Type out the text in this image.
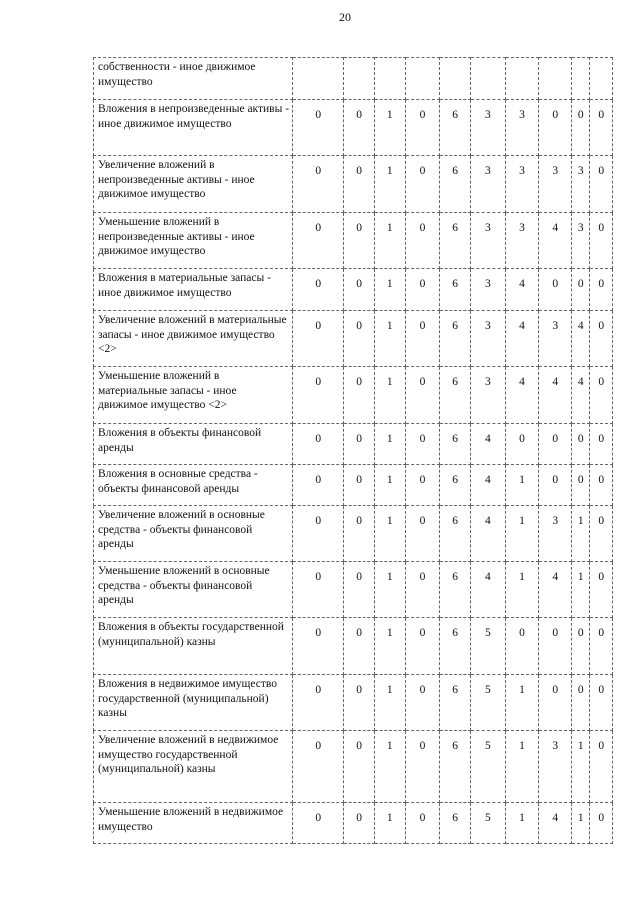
20
собственности - иное движимое имущество										
Вложения в непроизведенные активы - иное движимое имущество	0	0	1	0	6	3	3	0	0	0
Увеличение вложений в непроизведенные активы - иное движимое имущество	0	0	1	0	6	3	3	3	3	0
Уменьшение вложений в непроизведенные активы - иное движимое имущество	0	0	1	0	6	3	3	4	3	0
Вложения в материальные запасы - иное движимое имущество	0	0	1	0	6	3	4	0	0	0
Увеличение вложений в материальные запасы - иное движимое имущество <2>	0	0	1	0	6	3	4	3	4	0
Уменьшение вложений в материальные запасы - иное движимое имущество <2>	0	0	1	0	6	3	4	4	4	0
Вложения в объекты финансовой аренды	0	0	1	0	6	4	0	0	0	0
Вложения в основные средства - объекты финансовой аренды	0	0	1	0	6	4	1	0	0	0
Увеличение вложений в основные средства - объекты финансовой аренды	0	0	1	0	6	4	1	3	1	0
Уменьшение вложений в основные средства - объекты финансовой аренды	0	0	1	0	6	4	1	4	1	0
Вложения в объекты государственной (муниципальной) казны	0	0	1	0	6	5	0	0	0	0
Вложения в недвижимое имущество государственной (муниципальной) казны	0	0	1	0	6	5	1	0	0	0
Увеличение вложений в недвижимое имущество государственной (муниципальной) казны	0	0	1	0	6	5	1	3	1	0
Уменьшение вложений в недвижимое имущество	0	0	1	0	6	5	1	4	1	0
